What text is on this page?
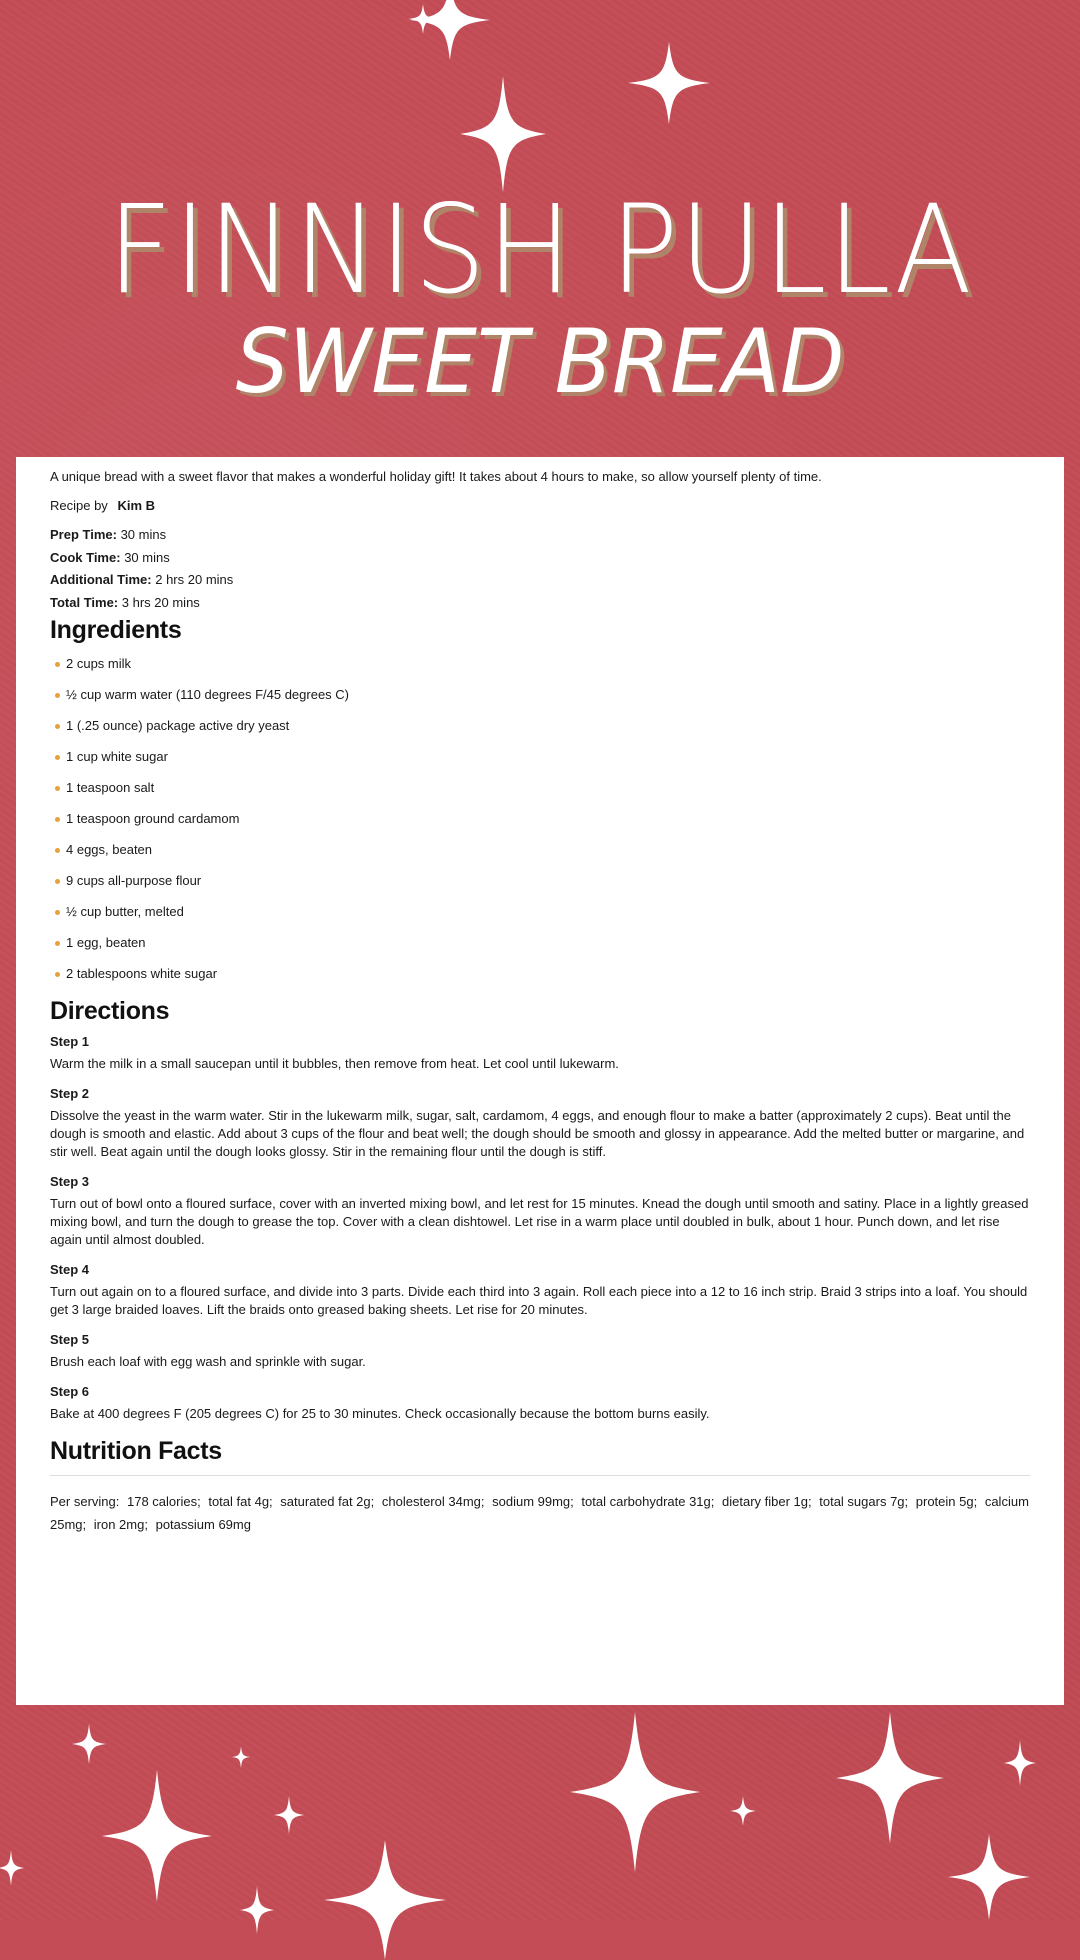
FINNISH PULLA
SWEET BREAD
A unique bread with a sweet flavor that makes a wonderful holiday gift! It takes about 4 hours to make, so allow yourself plenty of time.
Recipe by Kim B
Prep Time: 30 mins
Cook Time: 30 mins
Additional Time: 2 hrs 20 mins
Total Time: 3 hrs 20 mins
Ingredients
2 cups milk
½ cup warm water (110 degrees F/45 degrees C)
1 (.25 ounce) package active dry yeast
1 cup white sugar
1 teaspoon salt
1 teaspoon ground cardamom
4 eggs, beaten
9 cups all-purpose flour
½ cup butter, melted
1 egg, beaten
2 tablespoons white sugar
Directions
Step 1
Warm the milk in a small saucepan until it bubbles, then remove from heat. Let cool until lukewarm.
Step 2
Dissolve the yeast in the warm water. Stir in the lukewarm milk, sugar, salt, cardamom, 4 eggs, and enough flour to make a batter (approximately 2 cups). Beat until the dough is smooth and elastic. Add about 3 cups of the flour and beat well; the dough should be smooth and glossy in appearance. Add the melted butter or margarine, and stir well. Beat again until the dough looks glossy. Stir in the remaining flour until the dough is stiff.
Step 3
Turn out of bowl onto a floured surface, cover with an inverted mixing bowl, and let rest for 15 minutes. Knead the dough until smooth and satiny. Place in a lightly greased mixing bowl, and turn the dough to grease the top. Cover with a clean dishtowel. Let rise in a warm place until doubled in bulk, about 1 hour. Punch down, and let rise again until almost doubled.
Step 4
Turn out again on to a floured surface, and divide into 3 parts. Divide each third into 3 again. Roll each piece into a 12 to 16 inch strip. Braid 3 strips into a loaf. You should get 3 large braided loaves. Lift the braids onto greased baking sheets. Let rise for 20 minutes.
Step 5
Brush each loaf with egg wash and sprinkle with sugar.
Step 6
Bake at 400 degrees F (205 degrees C) for 25 to 30 minutes. Check occasionally because the bottom burns easily.
Nutrition Facts
Per serving: 178 calories; total fat 4g; saturated fat 2g; cholesterol 34mg; sodium 99mg; total carbohydrate 31g; dietary fiber 1g; total sugars 7g; protein 5g; calcium 25mg; iron 2mg; potassium 69mg
